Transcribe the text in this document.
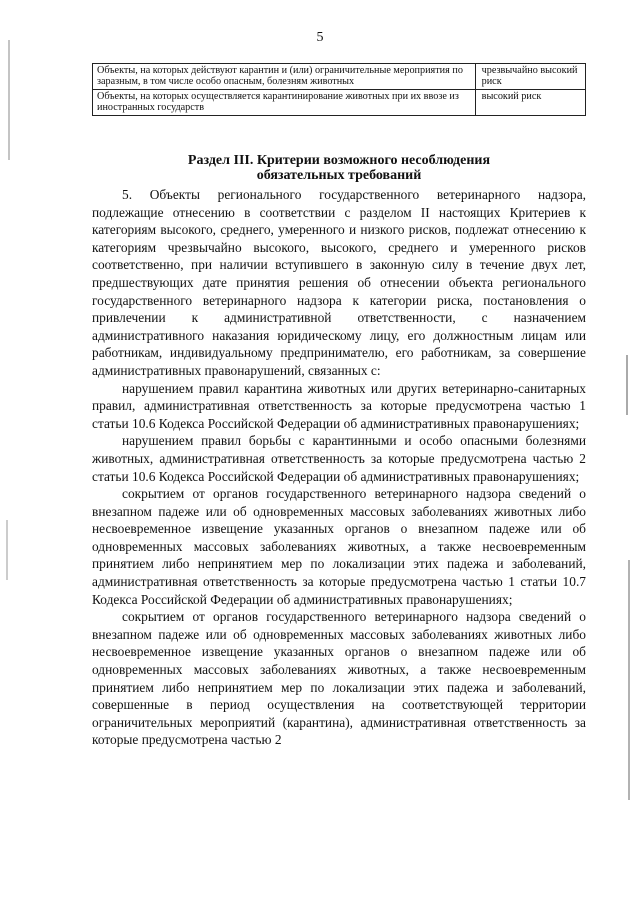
5
Объекты, на которых действуют карантин и (или) ограничительные мероприятия по заразным, в том числе особо опасным, болезням животных	чрезвычайно высокий риск
Объекты, на которых осуществляется карантинирование животных при их ввозе из иностранных государств	высокий риск
Раздел III. Критерии возможного несоблюдения
обязательных требований

5. Объекты регионального государственного ветеринарного надзора, подлежащие отнесению в соответствии с разделом II настоящих Критериев к категориям высокого, среднего, умеренного и низкого рисков, подлежат отнесению к категориям чрезвычайно высокого, высокого, среднего и умеренного рисков соответственно, при наличии вступившего в законную силу в течение двух лет, предшествующих дате принятия решения об отнесении объекта регионального государственного ветеринарного надзора к категории риска, постановления о привлечении к административной ответственности, с назначением административного наказания юридическому лицу, его должностным лицам или работникам, индивидуальному предпринимателю, его работникам, за совершение административных правонарушений, связанных с:

нарушением правил карантина животных или других ветеринарно-санитарных правил, административная ответственность за которые предусмотрена частью 1 статьи 10.6 Кодекса Российской Федерации об административных правонарушениях;

нарушением правил борьбы с карантинными и особо опасными болезнями животных, административная ответственность за которые предусмотрена частью 2 статьи 10.6 Кодекса Российской Федерации об административных правонарушениях;

сокрытием от органов государственного ветеринарного надзора сведений о внезапном падеже или об одновременных массовых заболеваниях животных либо несвоевременное извещение указанных органов о внезапном падеже или об одновременных массовых заболеваниях животных, а также несвоевременным принятием либо непринятием мер по локализации этих падежа и заболеваний, административная ответственность за которые предусмотрена частью 1 статьи 10.7 Кодекса Российской Федерации об административных правонарушениях;

сокрытием от органов государственного ветеринарного надзора сведений о внезапном падеже или об одновременных массовых заболеваниях животных либо несвоевременное извещение указанных органов о внезапном падеже или об одновременных массовых заболеваниях животных, а также несвоевременным принятием либо непринятием мер по локализации этих падежа и заболеваний, совершенные в период осуществления на соответствующей территории ограничительных мероприятий (карантина), административная ответственность за которые предусмотрена частью 2
